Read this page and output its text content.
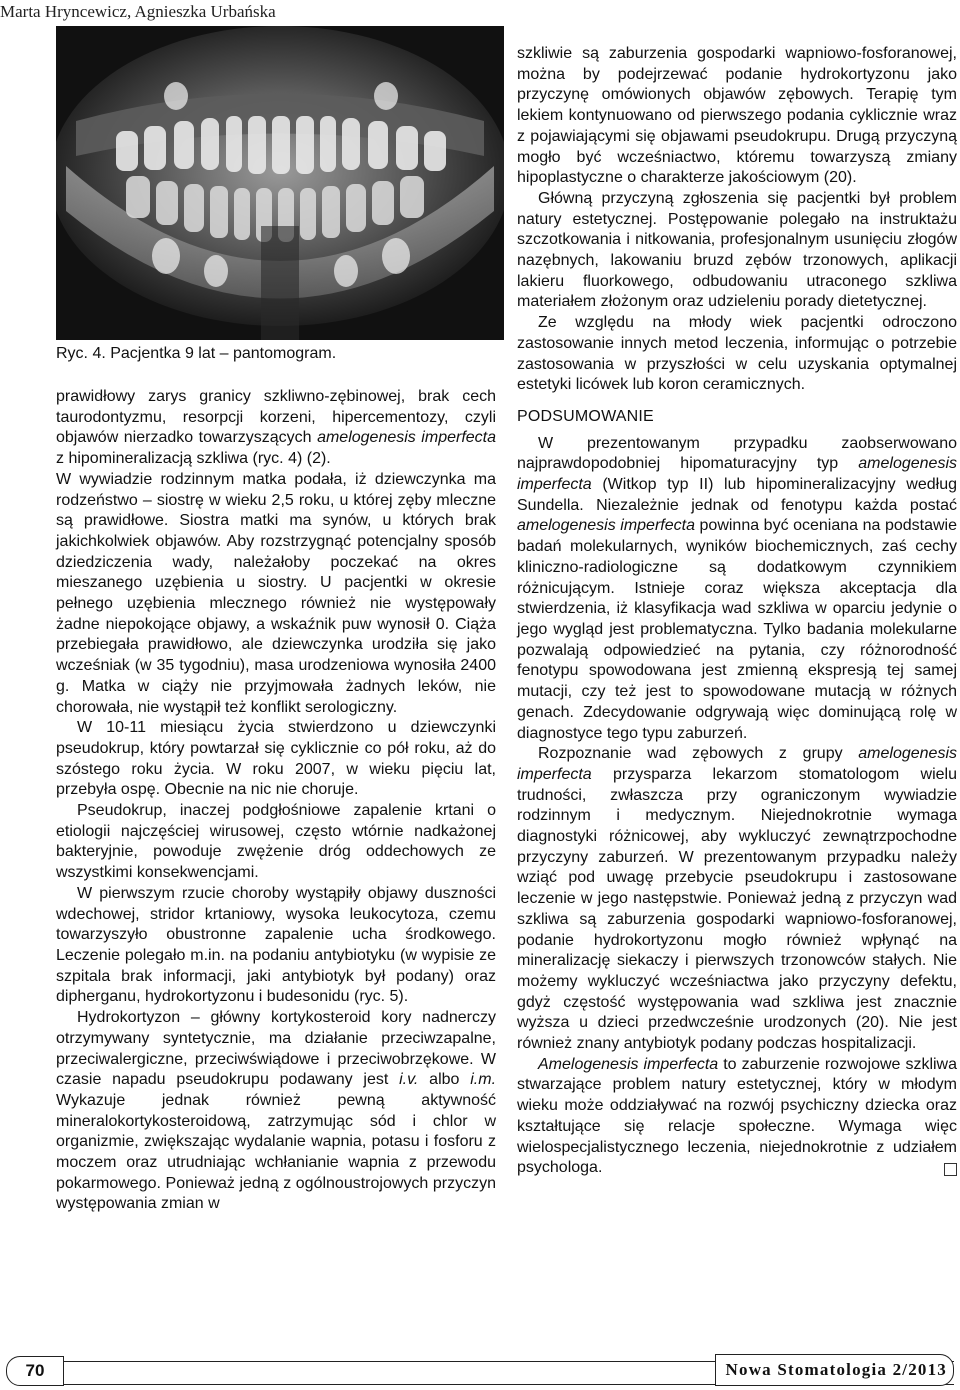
Marta Hryncewicz, Agnieszka Urbańska
Ryc. 4. Pacjentka 9 lat – pantomogram.

prawidłowy zarys granicy szkliwno-zębinowej, brak cech taurodontyzmu, resorpcji korzeni, hipercementozy, czyli objawów nierzadko towarzyszących amelogenesis imperfecta z hipomineralizacją szkliwa (ryc. 4) (2).

W wywiadzie rodzinnym matka podała, iż dziewczynka ma rodzeństwo – siostrę w wieku 2,5 roku, u której zęby mleczne są prawidłowe. Siostra matki ma synów, u których brak jakichkolwiek objawów. Aby rozstrzygnąć potencjalny sposób dziedziczenia wady, należałoby poczekać na okres mieszanego uzębienia u siostry. U pacjentki w okresie pełnego uzębienia mlecznego również nie występowały żadne niepokojące objawy, a wskaźnik puw wynosił 0. Ciąża przebiegała prawidłowo, ale dziewczynka urodziła się jako wcześniak (w 35 tygodniu), masa urodzeniowa wynosiła 2400 g. Matka w ciąży nie przyjmowała żadnych leków, nie chorowała, nie wystąpił też konflikt serologiczny.

W 10-11 miesiącu życia stwierdzono u dziewczynki pseudokrup, który powtarzał się cyklicznie co pół roku, aż do szóstego roku życia. W roku 2007, w wieku pięciu lat, przebyła ospę. Obecnie na nic nie choruje.

Pseudokrup, inaczej podgłośniowe zapalenie krtani o etiologii najczęściej wirusowej, często wtórnie nadkażonej bakteryjnie, powoduje zwężenie dróg oddechowych ze wszystkimi konsekwencjami.

W pierwszym rzucie choroby wystąpiły objawy duszności wdechowej, stridor krtaniowy, wysoka leukocytoza, czemu towarzyszyło obustronne zapalenie ucha środkowego. Leczenie polegało m.in. na podaniu antybiotyku (w wypisie ze szpitala brak informacji, jaki antybiotyk był podany) oraz dipherganu, hydrokortyzonu i budesonidu (ryc. 5).

Hydrokortyzon – główny kortykosteroid kory nadnerczy otrzymywany syntetycznie, ma działanie przeciwzapalne, przeciwalergiczne, przeciwświądowe i przeciwobrzękowe. W czasie napadu pseudokrupu podawany jest i.v. albo i.m. Wykazuje jednak również pewną aktywność mineralokortykosteroidową, zatrzymując sód i chlor w organizmie, zwiększając wydalanie wapnia, potasu i fosforu z moczem oraz utrudniając wchłanianie wapnia z przewodu pokarmowego. Ponieważ jedną z ogólnoustrojowych przyczyn występowania zmian w

szkliwie są zaburzenia gospodarki wapniowo-fosforanowej, można by podejrzewać podanie hydrokortyzonu jako przyczynę omówionych objawów zębowych. Terapię tym lekiem kontynuowano od pierwszego podania cyklicznie wraz z pojawiającymi się objawami pseudokrupu. Drugą przyczyną mogło być wcześniactwo, któremu towarzyszą zmiany hipoplastyczne o charakterze jakościowym (20).

Główną przyczyną zgłoszenia się pacjentki był problem natury estetycznej. Postępowanie polegało na instruktażu szczotkowania i nitkowania, profesjonalnym usunięciu złogów nazębnych, lakowaniu bruzd zębów trzonowych, aplikacji lakieru fluorkowego, odbudowaniu utraconego szkliwa materiałem złożonym oraz udzieleniu porady dietetycznej.

Ze względu na młody wiek pacjentki odroczono zastosowanie innych metod leczenia, informując o potrzebie zastosowania w przyszłości w celu uzyskania optymalnej estetyki licówek lub koron ceramicznych.

PODSUMOWANIE

W prezentowanym przypadku zaobserwowano najprawdopodobniej hipomaturacyjny typ amelogenesis imperfecta (Witkop typ II) lub hipomineralizacyjny według Sundella. Niezależnie jednak od fenotypu każda postać amelogenesis imperfecta powinna być oceniana na podstawie badań molekularnych, wyników biochemicznych, zaś cechy kliniczno-radiologiczne są dodatkowym czynnikiem różnicującym. Istnieje coraz większa akceptacja dla stwierdzenia, iż klasyfikacja wad szkliwa w oparciu jedynie o jego wygląd jest problematyczna. Tylko badania molekularne pozwalają odpowiedzieć na pytania, czy różnorodność fenotypu spowodowana jest zmienną ekspresją tej samej mutacji, czy też jest to spowodowane mutacją w różnych genach. Zdecydowanie odgrywają więc dominującą rolę w diagnostyce tego typu zaburzeń.

Rozpoznanie wad zębowych z grupy amelogenesis imperfecta przysparza lekarzom stomatologom wielu trudności, zwłaszcza przy ograniczonym wywiadzie rodzinnym i medycznym. Niejednokrotnie wymaga diagnostyki różnicowej, aby wykluczyć zewnątrzpochodne przyczyny zaburzeń. W prezentowanym przypadku należy wziąć pod uwagę przebycie pseudokrupu i zastosowane leczenie w jego następstwie. Ponieważ jedną z przyczyn wad szkliwa są zaburzenia gospodarki wapniowo-fosforanowej, podanie hydrokortyzonu mogło również wpłynąć na mineralizację siekaczy i pierwszych trzonowców stałych. Nie możemy wykluczyć wcześniactwa jako przyczyny defektu, gdyż częstość występowania wad szkliwa jest znacznie wyższa u dzieci przedwcześnie urodzonych (20). Nie jest również znany antybiotyk podany podczas hospitalizacji.

Amelogenesis imperfecta to zaburzenie rozwojowe szkliwa stwarzające problem natury estetycznej, który w młodym wieku może oddziaływać na rozwój psychiczny dziecka oraz kształtujące się relacje społeczne. Wymaga więc wielospecjalistycznego leczenia, niejednokrotnie z udziałem psychologa.

70	Nowa Stomatologia 2/2013
